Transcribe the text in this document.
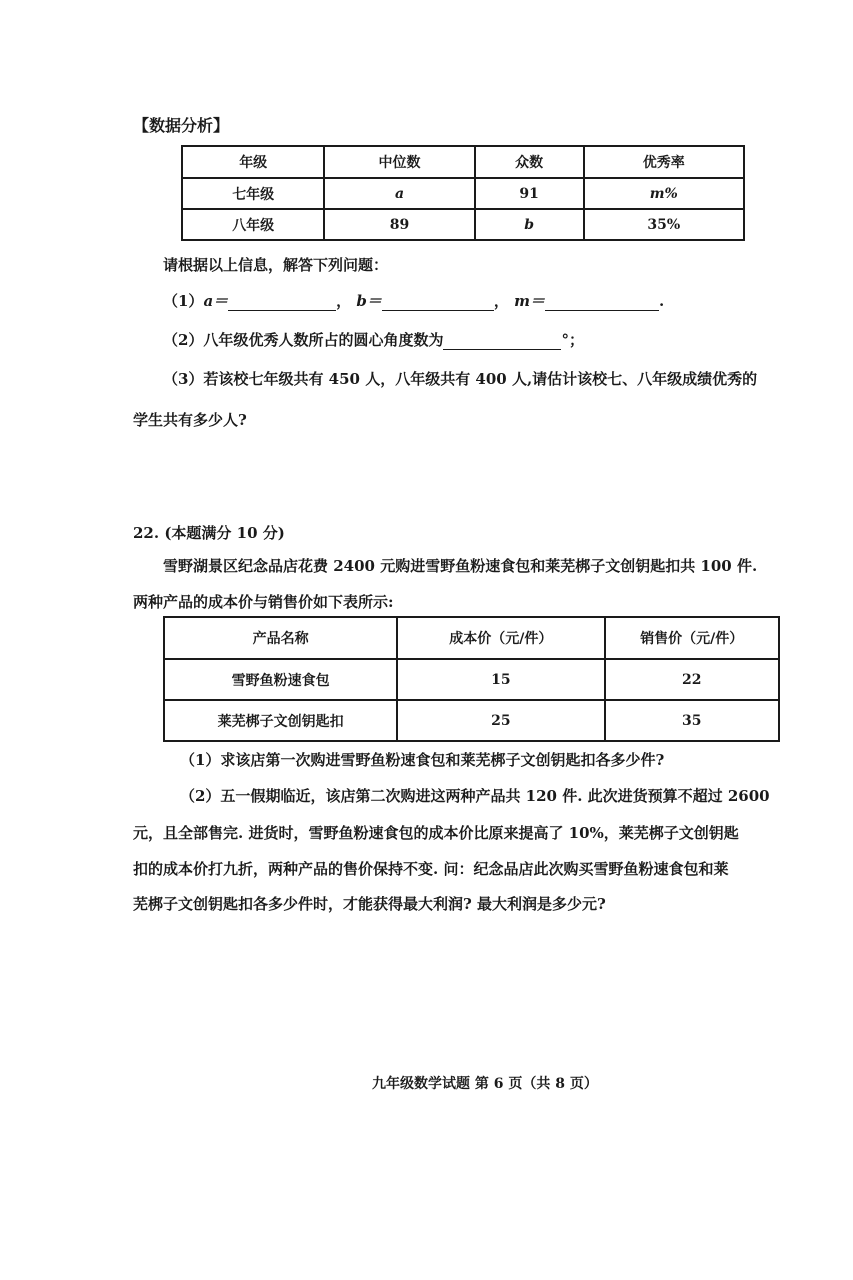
【数据分析】
年级	中位数	众数	优秀率
七年级	a	91	m%
八年级	89	b	35%
请根据以上信息，解答下列问题：
（1）a＝	， b＝	， m＝	.
（2）八年级优秀人数所占的圆心角度数为	°；
（3）若该校七年级共有 450 人，八年级共有 400 人,请估计该校七、八年级成绩优秀的
学生共有多少人?
22. (本题满分 10 分)
雪野湖景区纪念品店花费 2400 元购进雪野鱼粉速食包和莱芜梆子文创钥匙扣共 100 件.
两种产品的成本价与销售价如下表所示:
产品名称	成本价（元/件）	销售价（元/件）
雪野鱼粉速食包	15	22
莱芜梆子文创钥匙扣	25	35
（1）求该店第一次购进雪野鱼粉速食包和莱芜梆子文创钥匙扣各多少件?
（2）五一假期临近，该店第二次购进这两种产品共 120 件. 此次进货预算不超过 2600
元，且全部售完. 进货时，雪野鱼粉速食包的成本价比原来提高了 10%，莱芜梆子文创钥匙
扣的成本价打九折，两种产品的售价保持不变. 问：纪念品店此次购买雪野鱼粉速食包和莱
芜梆子文创钥匙扣各多少件时，才能获得最大利润? 最大利润是多少元?
九年级数学试题 第 6 页（共 8 页）
